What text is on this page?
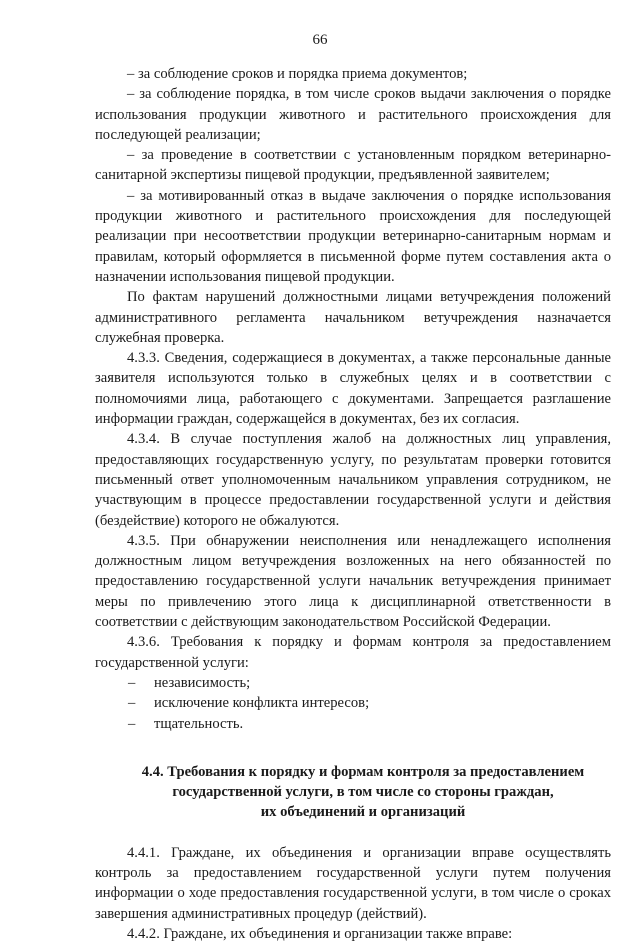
66

– за соблюдение сроков и порядка приема документов;

– за соблюдение порядка, в том числе сроков выдачи заключения о порядке использования продукции животного и растительного происхождения для последующей реализации;

– за проведение в соответствии с установленным порядком ветеринарно-санитарной экспертизы пищевой продукции, предъявленной заявителем;

– за мотивированный отказ в выдаче заключения о порядке использования продукции животного и растительного происхождения для последующей реализации при несоответствии продукции ветеринарно-санитарным нормам и правилам, который оформляется в письменной форме путем составления акта о назначении использования пищевой продукции.

По фактам нарушений должностными лицами ветучреждения положений административного регламента начальником ветучреждения назначается служебная проверка.

4.3.3. Сведения, содержащиеся в документах, а также персональные данные заявителя используются только в служебных целях и в соответствии с полномочиями лица, работающего с документами. Запрещается разглашение информации граждан, содержащейся в документах, без их согласия.

4.3.4. В случае поступления жалоб на должностных лиц управления, предоставляющих государственную услугу, по результатам проверки готовится письменный ответ уполномоченным начальником управления сотрудником, не участвующим в процессе предоставлении государственной услуги и действия (бездействие) которого не обжалуются.

4.3.5. При обнаружении неисполнения или ненадлежащего исполнения должностным лицом ветучреждения возложенных на него обязанностей по предоставлению государственной услуги начальник ветучреждения принимает меры по привлечению этого лица к дисциплинарной ответственности в соответствии с действующим законодательством Российской Федерации.

4.3.6. Требования к порядку и формам контроля за предоставлением государственной услуги:

–	независимость;
–	исключение конфликта интересов;
–	тщательность.

4.4. Требования к порядку и формам контроля за предоставлением

государственной услуги, в том числе со стороны граждан,

их объединений и организаций

4.4.1. Граждане, их объединения и организации вправе осуществлять контроль за предоставлением государственной услуги путем получения информации о ходе предоставления государственной услуги, в том числе о сроках завершения административных процедур (действий).

4.4.2. Граждане, их объединения и организации также вправе:
